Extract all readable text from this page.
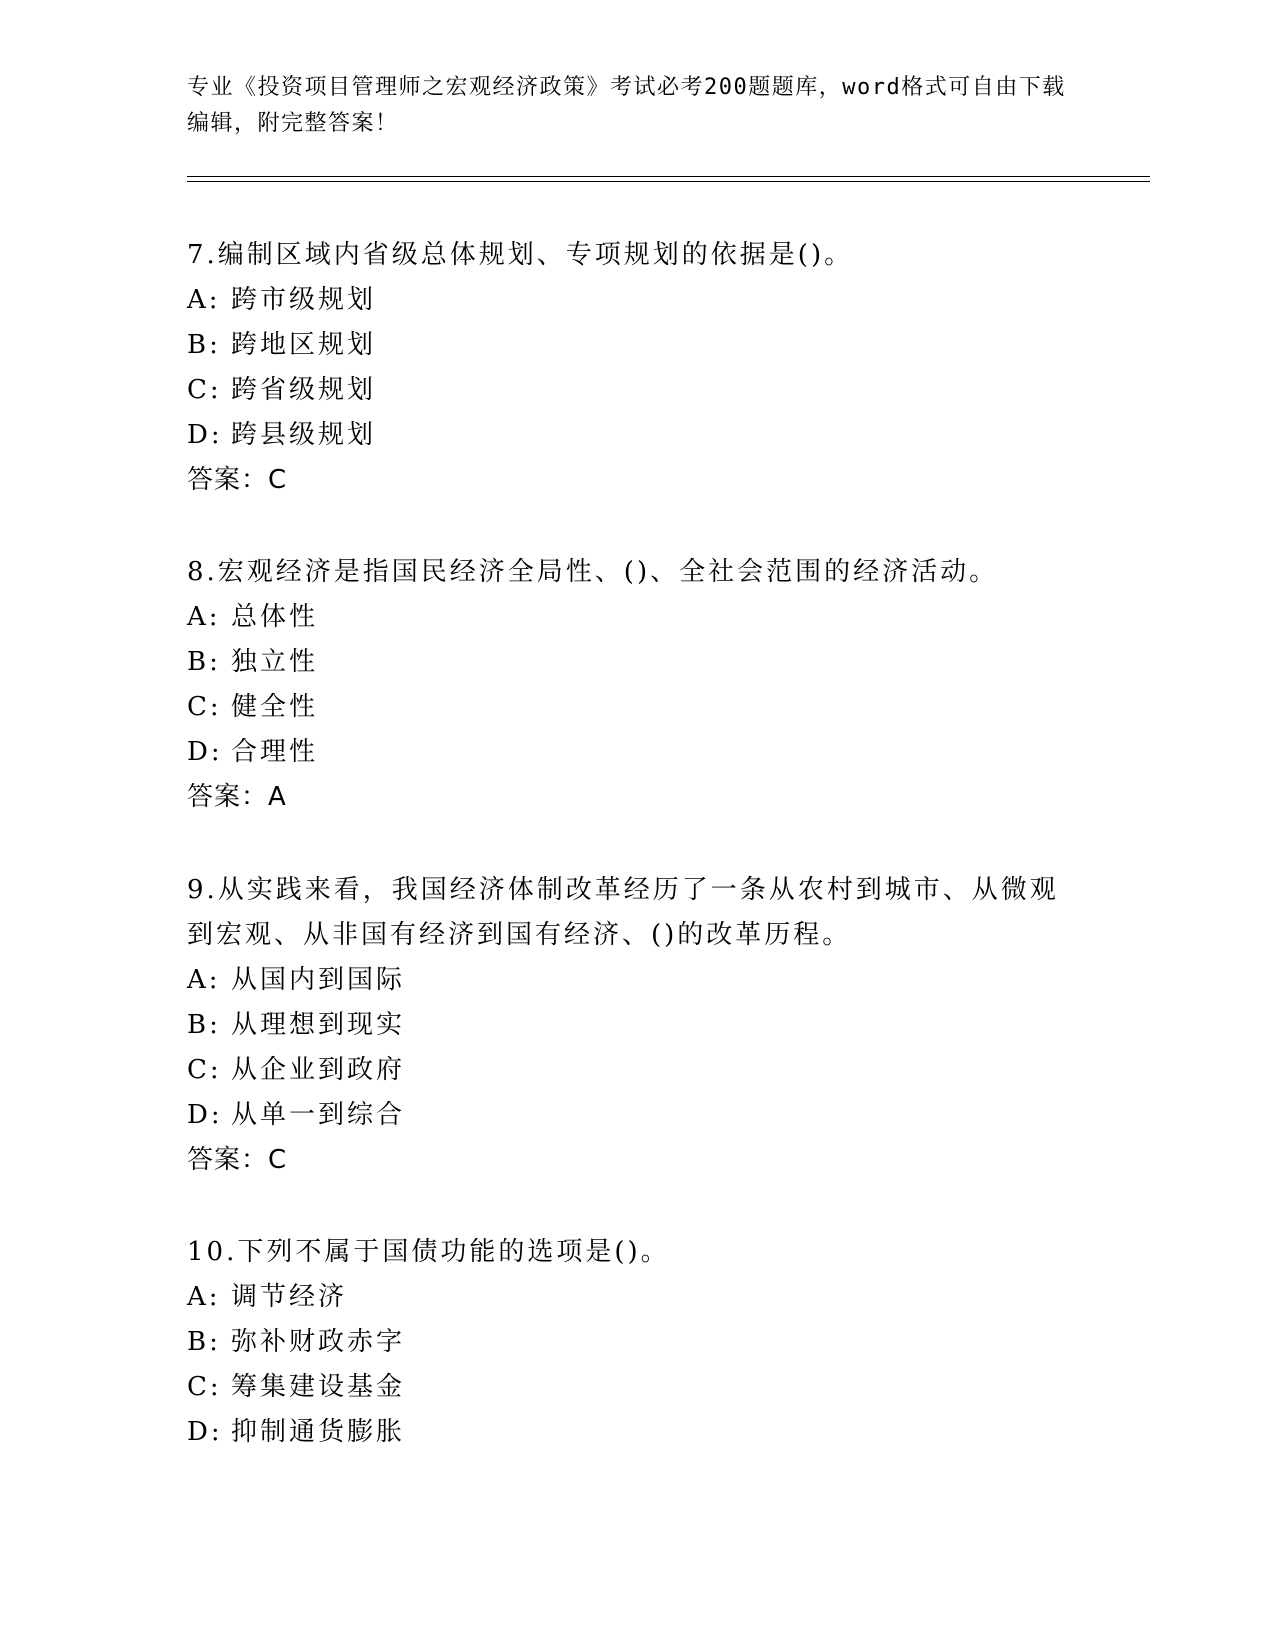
专业《投资项目管理师之宏观经济政策》考试必考200题题库，word格式可自由下载编辑，附完整答案！

7.编制区域内省级总体规划、专项规划的依据是()。

A: 跨市级规划

B: 跨地区规划

C: 跨省级规划

D: 跨县级规划

答案：C

8.宏观经济是指国民经济全局性、()、全社会范围的经济活动。

A: 总体性

B: 独立性

C: 健全性

D: 合理性

答案：A

9.从实践来看，我国经济体制改革经历了一条从农村到城市、从微观到宏观、从非国有经济到国有经济、()的改革历程。

A: 从国内到国际

B: 从理想到现实

C: 从企业到政府

D: 从单一到综合

答案：C

10.下列不属于国债功能的选项是()。

A: 调节经济

B: 弥补财政赤字

C: 筹集建设基金

D: 抑制通货膨胀
